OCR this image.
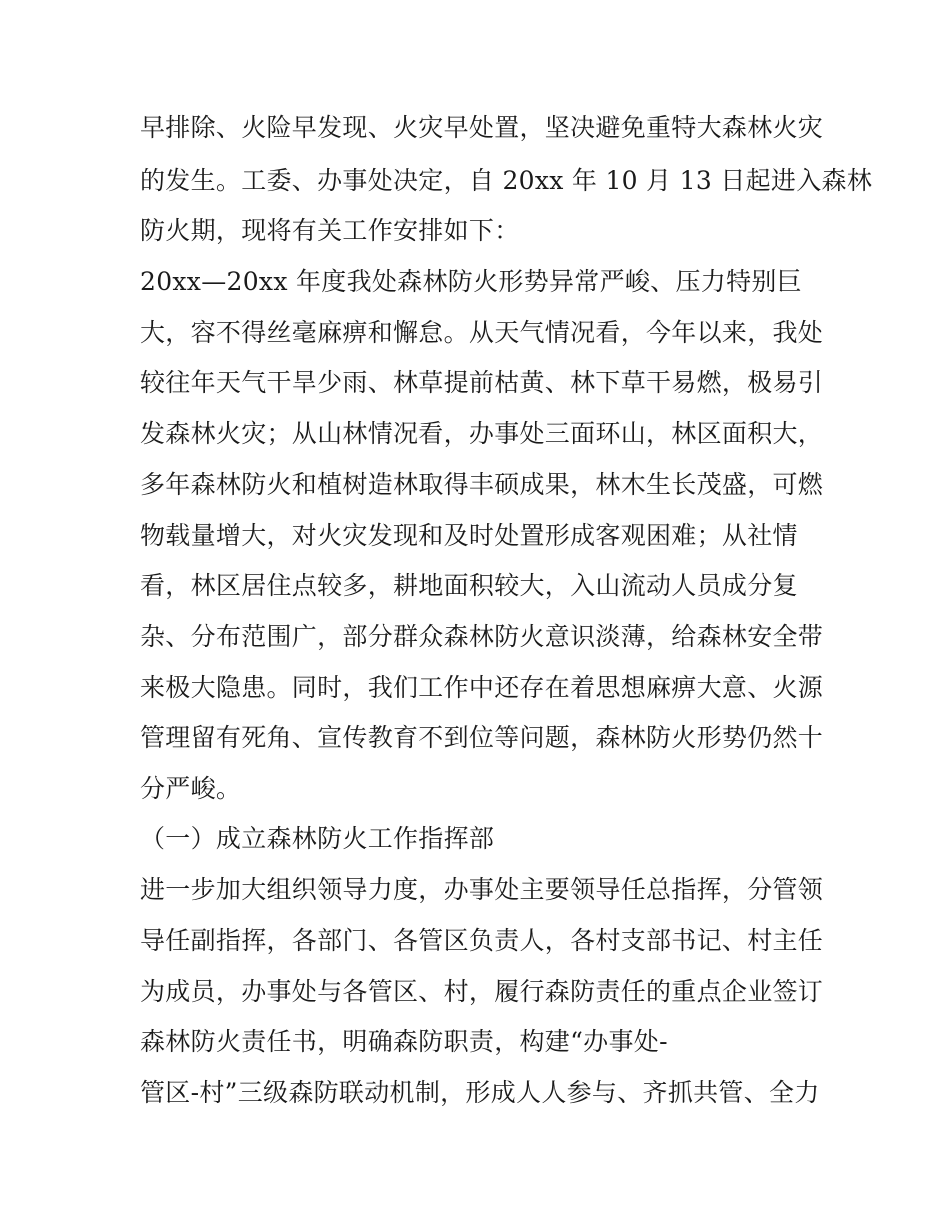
早排除、火险早发现、火灾早处置，坚决避免重特大森林火灾
的发生。工委、办事处决定，自 20xx 年 10 月 13 日起进入森林
防火期，现将有关工作安排如下：
20xx—20xx 年度我处森林防火形势异常严峻、压力特别巨
大，容不得丝毫麻痹和懈怠。从天气情况看，今年以来，我处
较往年天气干旱少雨、林草提前枯黄、林下草干易燃，极易引
发森林火灾；从山林情况看，办事处三面环山，林区面积大，
多年森林防火和植树造林取得丰硕成果，林木生长茂盛，可燃
物载量增大，对火灾发现和及时处置形成客观困难；从社情
看，林区居住点较多，耕地面积较大，入山流动人员成分复
杂、分布范围广，部分群众森林防火意识淡薄，给森林安全带
来极大隐患。同时，我们工作中还存在着思想麻痹大意、火源
管理留有死角、宣传教育不到位等问题，森林防火形势仍然十
分严峻。
（一）成立森林防火工作指挥部
进一步加大组织领导力度，办事处主要领导任总指挥，分管领
导任副指挥，各部门、各管区负责人，各村支部书记、村主任
为成员，办事处与各管区、村，履行森防责任的重点企业签订
森林防火责任书，明确森防职责，构建“办事处-
管区-村”三级森防联动机制，形成人人参与、齐抓共管、全力
